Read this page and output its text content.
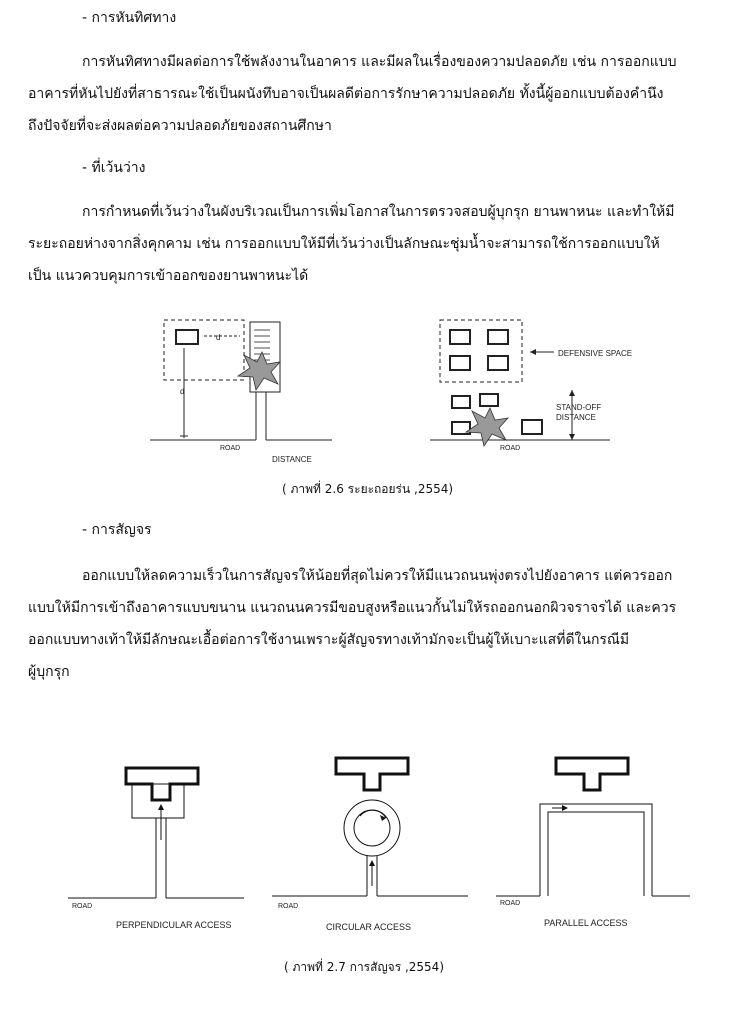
- การหันทิศทาง
การหันทิศทางมีผลต่อการใช้พลังงานในอาคาร และมีผลในเรื่องของความปลอดภัย เช่น การออกแบบ
อาคารที่หันไปยังที่สาธารณะใช้เป็นผนังทึบอาจเป็นผลดีต่อการรักษาความปลอดภัย ทั้งนี้ผู้ออกแบบต้องคำนึง
ถึงปัจจัยที่จะส่งผลต่อความปลอดภัยของสถานศึกษา
- ที่เว้นว่าง
การกำหนดที่เว้นว่างในผังบริเวณเป็นการเพิ่มโอกาสในการตรวจสอบผู้บุกรุก ยานพาหนะ และทำให้มี
ระยะถอยห่างจากสิ่งคุกคาม เช่น การออกแบบให้มีที่เว้นว่างเป็นลักษณะชุ่มน้ำจะสามารถใช้การออกแบบให้
เป็น แนวควบคุมการเข้าออกของยานพาหนะได้
d
d
ROAD
DISTANCE
DEFENSIVE SPACE
STAND-OFF
DISTANCE
ROAD
( ภาพที่ 2.6 ระยะถอยร่น ,2554)
- การสัญจร
ออกแบบให้ลดความเร็วในการสัญจรให้น้อยที่สุดไม่ควรให้มีแนวถนนพุ่งตรงไปยังอาคาร แต่ควรออก
แบบให้มีการเข้าถึงอาคารแบบขนาน แนวถนนควรมีขอบสูงหรือแนวกั้นไม่ให้รถออกนอกผิวจราจรได้ และควร
ออกแบบทางเท้าให้มีลักษณะเอื้อต่อการใช้งานเพราะผู้สัญจรทางเท้ามักจะเป็นผู้ให้เบาะแสที่ดีในกรณีมี
ผู้บุกรุก
ROAD
PERPENDICULAR ACCESS
ROAD
CIRCULAR ACCESS
ROAD
PARALLEL ACCESS
( ภาพที่ 2.7 การสัญจร ,2554)
